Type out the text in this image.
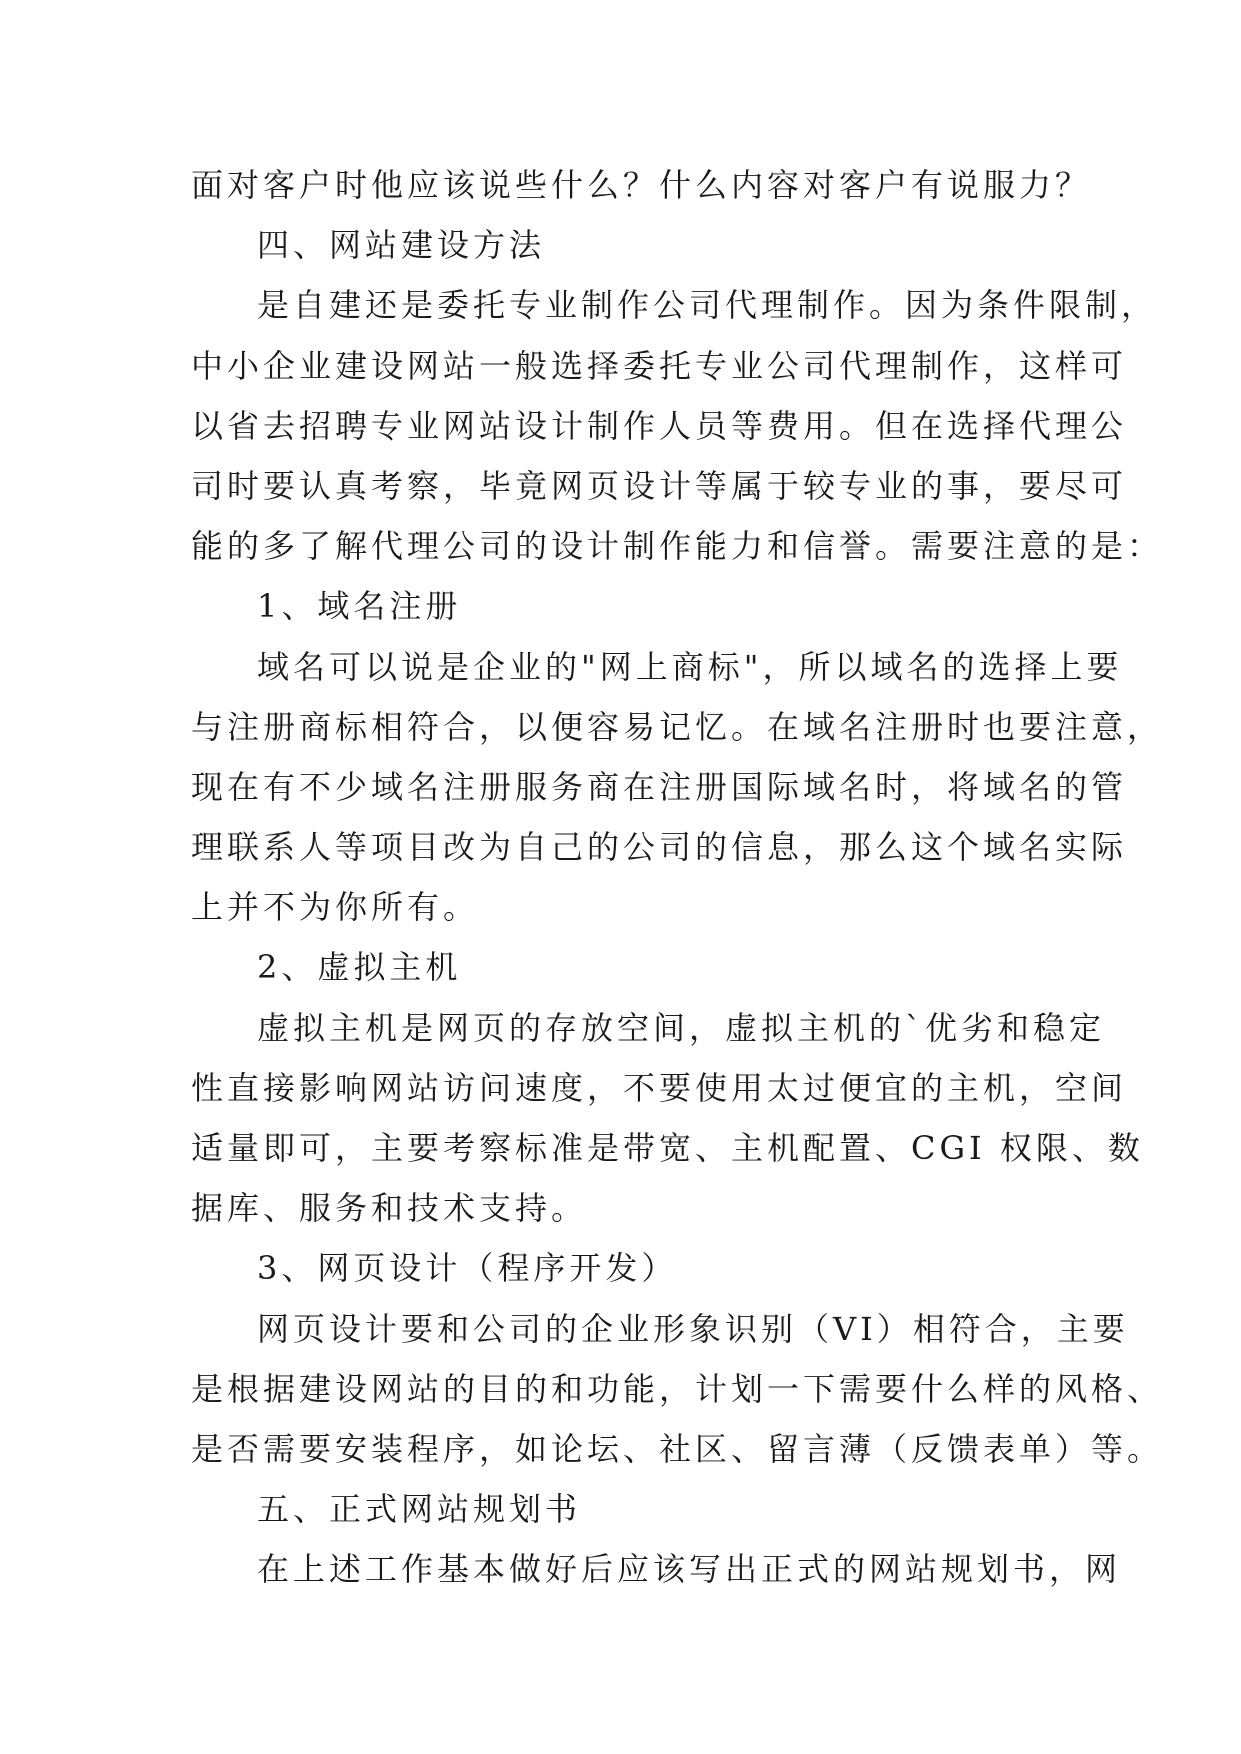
面对客户时他应该说些什么？什么内容对客户有说服力？
四、网站建设方法
是自建还是委托专业制作公司代理制作。因为条件限制，
中小企业建设网站一般选择委托专业公司代理制作，这样可
以省去招聘专业网站设计制作人员等费用。但在选择代理公
司时要认真考察，毕竟网页设计等属于较专业的事，要尽可
能的多了解代理公司的设计制作能力和信誉。需要注意的是：
1、域名注册
域名可以说是企业的"网上商标"，所以域名的选择上要
与注册商标相符合，以便容易记忆。在域名注册时也要注意，
现在有不少域名注册服务商在注册国际域名时，将域名的管
理联系人等项目改为自己的公司的信息，那么这个域名实际
上并不为你所有。
2、虚拟主机
虚拟主机是网页的存放空间，虚拟主机的`优劣和稳定
性直接影响网站访问速度，不要使用太过便宜的主机，空间
适量即可，主要考察标准是带宽、主机配置、CGI 权限、数
据库、服务和技术支持。
3、网页设计（程序开发）
网页设计要和公司的企业形象识别（VI）相符合，主要
是根据建设网站的目的和功能，计划一下需要什么样的风格、
是否需要安装程序，如论坛、社区、留言薄（反馈表单）等。
五、正式网站规划书
在上述工作基本做好后应该写出正式的网站规划书，网
